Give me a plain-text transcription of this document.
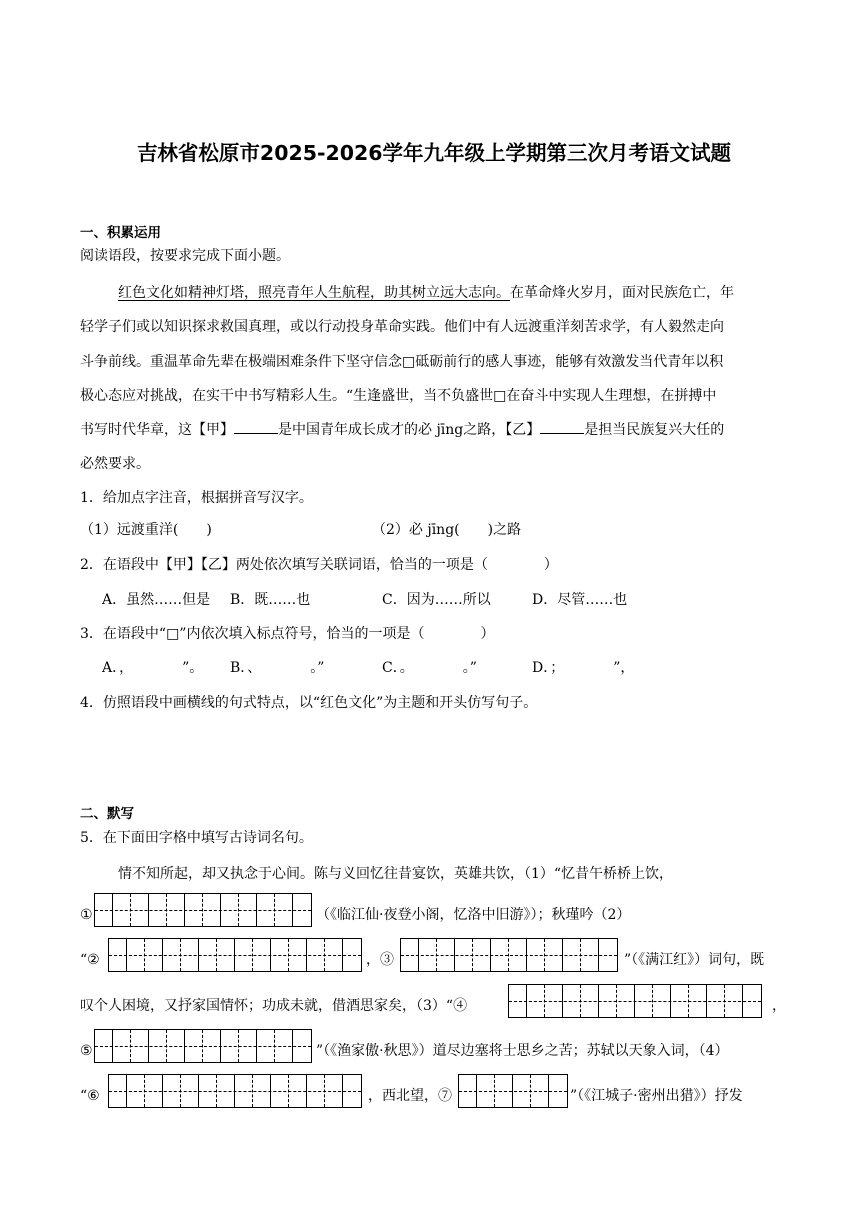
吉林省松原市2025-2026学年九年级上学期第三次月考语文试题
一、积累运用
阅读语段，按要求完成下面小题。
红色文化如精神灯塔，照亮青年人生航程，助其树立远大志向。在革命烽火岁月，面对民族危亡，年
轻学子们或以知识探求救国真理，或以行动投身革命实践。他们中有人远渡重洋刻苦求学，有人毅然走向
斗争前线。重温革命先辈在极端困难条件下坚守信念□砥砺前行的感人事迹，能够有效激发当代青年以积
极心态应对挑战，在实干中书写精彩人生。“生逢盛世，当不负盛世□在奋斗中实现人生理想，在拼搏中
书写时代华章，这【甲】	是中国青年成长成才的必 jīng之路，【乙】	是担当民族复兴大任的
必然要求。
1．给加点字注音，根据拼音写汉字。
（1）远渡重洋(　　)	（2）必 jīng(　　)之路
2．在语段中【甲】【乙】两处依次填写关联词语，恰当的一项是（　　　　）
A．虽然……但是 B．既……也	C．因为……所以	D．尽管……也
3．在语段中“□”内依次填入标点符号，恰当的一项是（　　　　）
A．，　　　　”。 B．、　　　　。”	C．。　　　　。”	D．；　　　　”，
4．仿照语段中画横线的句式特点，以“红色文化”为主题和开头仿写句子。
二、默写
5．在下面田字格中填写古诗词名句。
情不知所起，却又执念于心间。陈与义回忆往昔宴饮，英雄共饮，（1）“忆昔午桥桥上饮，
①	（《临江仙·夜登小阁，忆洛中旧游》）；秋瑾吟（2）
“②	，③	”（《满江红》）词句，既
叹个人困境，又抒家国情怀；功成未就，借酒思家矣，（3）“④	，
⑤	”（《渔家傲·秋思》）道尽边塞将士思乡之苦；苏轼以天象入词，（4）
“⑥	，西北望，⑦	”（《江城子·密州出猎》）抒发
